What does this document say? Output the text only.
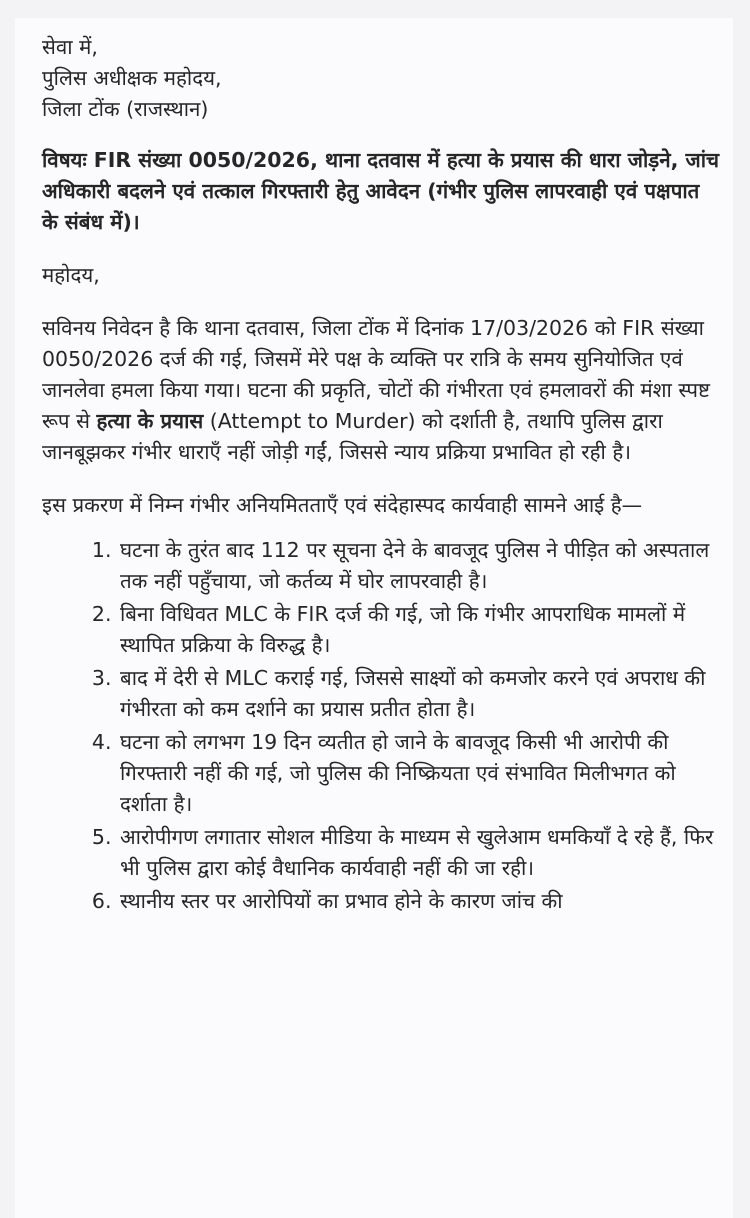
सेवा में,

पुलिस अधीक्षक महोदय,

जिला टोंक (राजस्थान)

विषयः FIR संख्या 0050/2026, थाना दतवास में हत्या के प्रयास की धारा जोड़ने, जांच अधिकारी बदलने एवं तत्काल गिरफ्तारी हेतु आवेदन (गंभीर पुलिस लापरवाही एवं पक्षपात के संबंध में)।

महोदय,

सविनय निवेदन है कि थाना दतवास, जिला टोंक में दिनांक 17/03/2026 को FIR संख्या 0050/2026 दर्ज की गई, जिसमें मेरे पक्ष के व्यक्ति पर रात्रि के समय सुनियोजित एवं जानलेवा हमला किया गया। घटना की प्रकृति, चोटों की गंभीरता एवं हमलावरों की मंशा स्पष्ट रूप से हत्या के प्रयास (Attempt to Murder) को दर्शाती है, तथापि पुलिस द्वारा जानबूझकर गंभीर धाराएँ नहीं जोड़ी गईं, जिससे न्याय प्रक्रिया प्रभावित हो रही है।

इस प्रकरण में निम्न गंभीर अनियमितताएँ एवं संदेहास्पद कार्यवाही सामने आई है—

1. घटना के तुरंत बाद 112 पर सूचना देने के बावजूद पुलिस ने पीड़ित को अस्पताल तक नहीं पहुँचाया, जो कर्तव्य में घोर लापरवाही है।
2. बिना विधिवत MLC के FIR दर्ज की गई, जो कि गंभीर आपराधिक मामलों में स्थापित प्रक्रिया के विरुद्ध है।
3. बाद में देरी से MLC कराई गई, जिससे साक्ष्यों को कमजोर करने एवं अपराध की गंभीरता को कम दर्शाने का प्रयास प्रतीत होता है।
4. घटना को लगभग 19 दिन व्यतीत हो जाने के बावजूद किसी भी आरोपी की गिरफ्तारी नहीं की गई, जो पुलिस की निष्क्रियता एवं संभावित मिलीभगत को दर्शाता है।
5. आरोपीगण लगातार सोशल मीडिया के माध्यम से खुलेआम धमकियाँ दे रहे हैं, फिर भी पुलिस द्वारा कोई वैधानिक कार्यवाही नहीं की जा रही।
6. स्थानीय स्तर पर आरोपियों का प्रभाव होने के कारण जांच की
